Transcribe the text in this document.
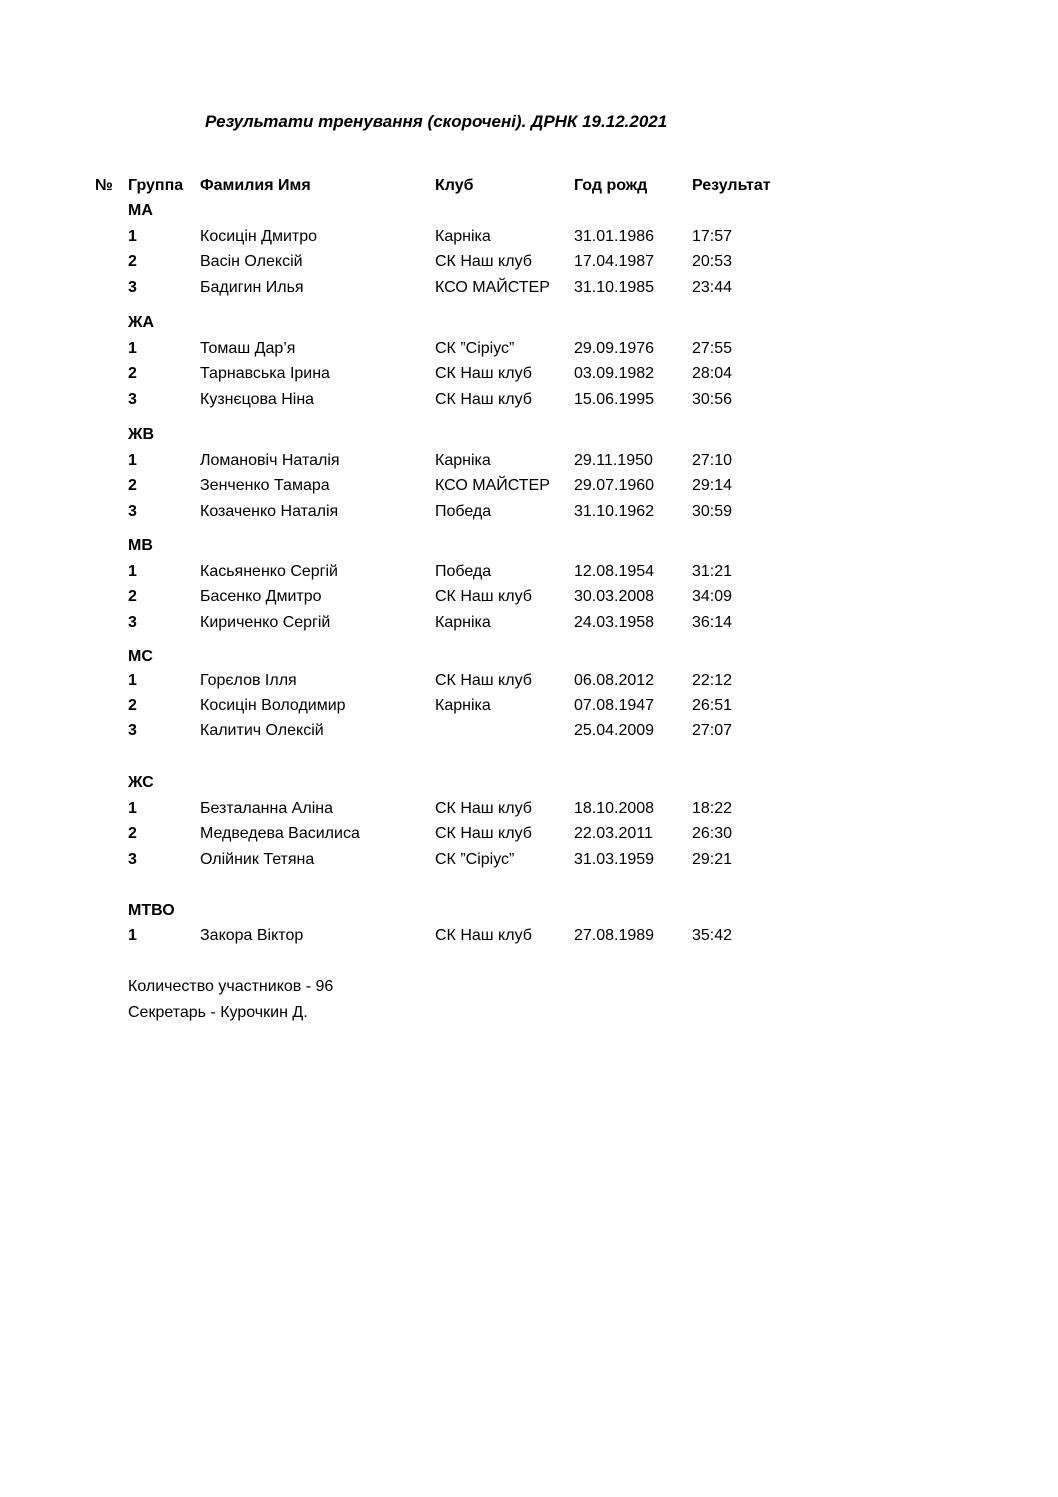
Результати тренування (скорочені). ДРНК 19.12.2021
№ Группа Фамилия Имя	Клуб	Год рожд	Результат
МА
1	Косицін Дмитро	Карніка	31.01.1986 17:57
2	Васін Олексій	СК Наш клуб	17.04.1987 20:53
3	Бадигин Илья	КСО МАЙСТЕР 31.10.1985 23:44
ЖА
1	Томаш Дар’я	СК ”Сіріус”	29.09.1976 27:55
2	Тарнавська Ірина	СК Наш клуб	03.09.1982 28:04
3	Кузнєцова Ніна	СК Наш клуб	15.06.1995 30:56
ЖВ
1	Ломановіч Наталія	Карніка	29.11.1950 27:10
2	Зенченко Тамара	КСО МАЙСТЕР 29.07.1960 29:14
3	Козаченко Наталія	Победа	31.10.1962 30:59
МВ
1	Касьяненко Сергій	Победа	12.08.1954 31:21
2	Басенко Дмитро	СК Наш клуб	30.03.2008 34:09
3	Кириченко Сергій	Карніка	24.03.1958 36:14
МС
1	Горєлов Ілля	СК Наш клуб	06.08.2012 22:12
2	Косицін Володимир	Карніка	07.08.1947 26:51
3	Калитич Олексій	25.04.2009 27:07
ЖС
1	Безталанна Аліна	СК Наш клуб	18.10.2008 18:22
2	Медведева Василиса	СК Наш клуб	22.03.2011 26:30
3	Олійник Тетяна	СК ”Сіріус”	31.03.1959 29:21
МТВО
1	Закора Віктор	СК Наш клуб	27.08.1989 35:42
Количество участников - 96
Секретарь - Курочкин Д.
